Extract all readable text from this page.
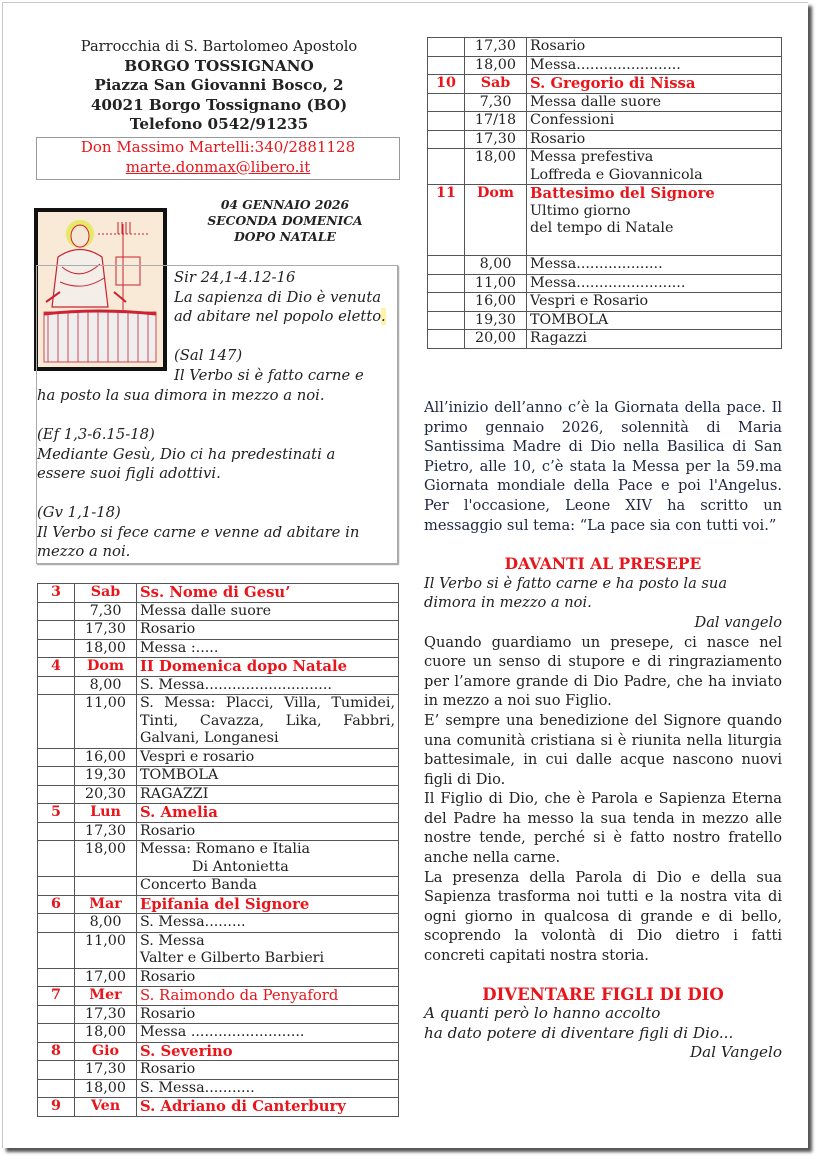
Parrocchia di S. Bartolomeo Apostolo
BORGO TOSSIGNANO
Piazza San Giovanni Bosco, 2
40021 Borgo Tossignano (BO)
Telefono 0542/91235
Don Massimo Martelli:340/2881128
marte.donmax@libero.it
04 GENNAIO 2026
SECONDA DOMENICA
DOPO NATALE

Sir 24,1-4.12-16

La sapienza di Dio è venuta

ad abitare nel popolo eletto.

(Sal 147)

Il Verbo si è fatto carne e

ha posto la sua dimora in mezzo a noi.

(Ef 1,3-6.15-18)

Mediante Gesù, Dio ci ha predestinati a

essere suoi figli adottivi.

(Gv 1,1-18)

Il Verbo si fece carne e venne ad abitare in

mezzo a noi.

3	Sab	Ss. Nome di Gesu’

	7,30	Messa dalle suore

	17,30	Rosario

	18,00	Messa :.....

4	Dom	II Domenica dopo Natale

	8,00	S. Messa............................

	11,00	S. Messa: Placci, Villa, Tumidei, Tinti, Cavazza, Lika, Fabbri, Galvani, Longanesi

	16,00	Vespri e rosario

	19,30	TOMBOLA

	20,30	RAGAZZI

5	Lun	S. Amelia

	17,30	Rosario

	18,00	Messa: Romano e Italia
Di Antonietta

		Concerto Banda

6	Mar	Epifania del Signore

	8,00	S. Messa.........

	11,00	S. Messa
Valter e Gilberto Barbieri

	17,00	Rosario

7	Mer	S. Raimondo da Penyaford

	17,30	Rosario

	18,00	Messa .........................

8	Gio	S. Severino

	17,30	Rosario

	18,00	S. Messa...........

9	Ven	S. Adriano di Canterbury
	17,30	Rosario

	18,00	Messa.......................

10	Sab	S. Gregorio di Nissa

	7,30	Messa dalle suore

	17/18	Confessioni

	17,30	Rosario

	18,00	Messa prefestiva
Loffreda e Giovannicola

11	Dom	Battesimo del Signore
Ultimo giorno
del tempo di Natale

	8,00	Messa...................

	11,00	Messa........................

	16,00	Vespri e Rosario

	19,30	TOMBOLA

	20,00	Ragazzi

All’inizio dell’anno c’è la Giornata della pace. Il primo gennaio 2026, solennità di Maria Santissima Madre di Dio nella Basilica di San Pietro, alle 10, c’è stata la Messa per la 59.ma Giornata mondiale della Pace e poi l'Angelus. Per l'occasione, Leone XIV ha scritto un messaggio sul tema: “La pace sia con tutti voi.”

DAVANTI AL PRESEPE

Il Verbo si è fatto carne e ha posto la sua dimora in mezzo a noi.

Dal vangelo

Quando guardiamo un presepe, ci nasce nel cuore un senso di stupore e di ringraziamento per l’amore grande di Dio Padre, che ha inviato in mezzo a noi suo Figlio.

E’ sempre una benedizione del Signore quando una comunità cristiana si è riunita nella liturgia battesimale, in cui dalle acque nascono nuovi figli di Dio.

Il Figlio di Dio, che è Parola e Sapienza Eterna del Padre ha messo la sua tenda in mezzo alle nostre tende, perché si è fatto nostro fratello anche nella carne.

La presenza della Parola di Dio e della sua Sapienza trasforma noi tutti e la nostra vita di ogni giorno in qualcosa di grande e di bello, scoprendo la volontà di Dio dietro i fatti concreti capitati nostra storia.

DIVENTARE FIGLI DI DIO

A quanti però lo hanno accolto

ha dato potere di diventare figli di Dio...

Dal Vangelo
